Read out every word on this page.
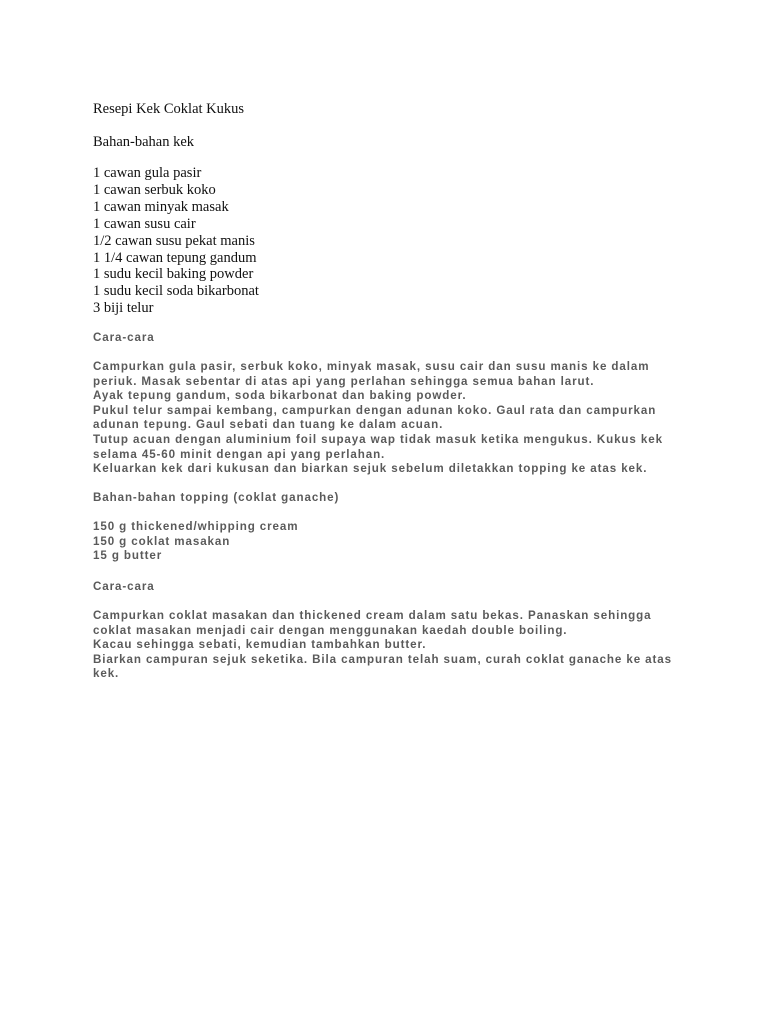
Resepi Kek Coklat Kukus
Bahan-bahan kek
1 cawan gula pasir
1 cawan serbuk koko
1 cawan minyak masak
1 cawan susu cair
1/2 cawan susu pekat manis
1 1/4 cawan tepung gandum
1 sudu kecil baking powder
1 sudu kecil soda bikarbonat
3 biji telur
Cara-cara

Campurkan gula pasir, serbuk koko, minyak masak, susu cair dan susu manis ke dalam periuk. Masak sebentar di atas api yang perlahan sehingga semua bahan larut.

Ayak tepung gandum, soda bikarbonat dan baking powder.

Pukul telur sampai kembang, campurkan dengan adunan koko. Gaul rata dan campurkan adunan tepung. Gaul sebati dan tuang ke dalam acuan.

Tutup acuan dengan aluminium foil supaya wap tidak masuk ketika mengukus. Kukus kek selama 45-60 minit dengan api yang perlahan.

Keluarkan kek dari kukusan dan biarkan sejuk sebelum diletakkan topping ke atas kek.

Bahan-bahan topping (coklat ganache)
150 g thickened/whipping cream
150 g coklat masakan
15 g butter
Cara-cara

Campurkan coklat masakan dan thickened cream dalam satu bekas. Panaskan sehingga coklat masakan menjadi cair dengan menggunakan kaedah double boiling.

Kacau sehingga sebati, kemudian tambahkan butter.

Biarkan campuran sejuk seketika. Bila campuran telah suam, curah coklat ganache ke atas kek.
